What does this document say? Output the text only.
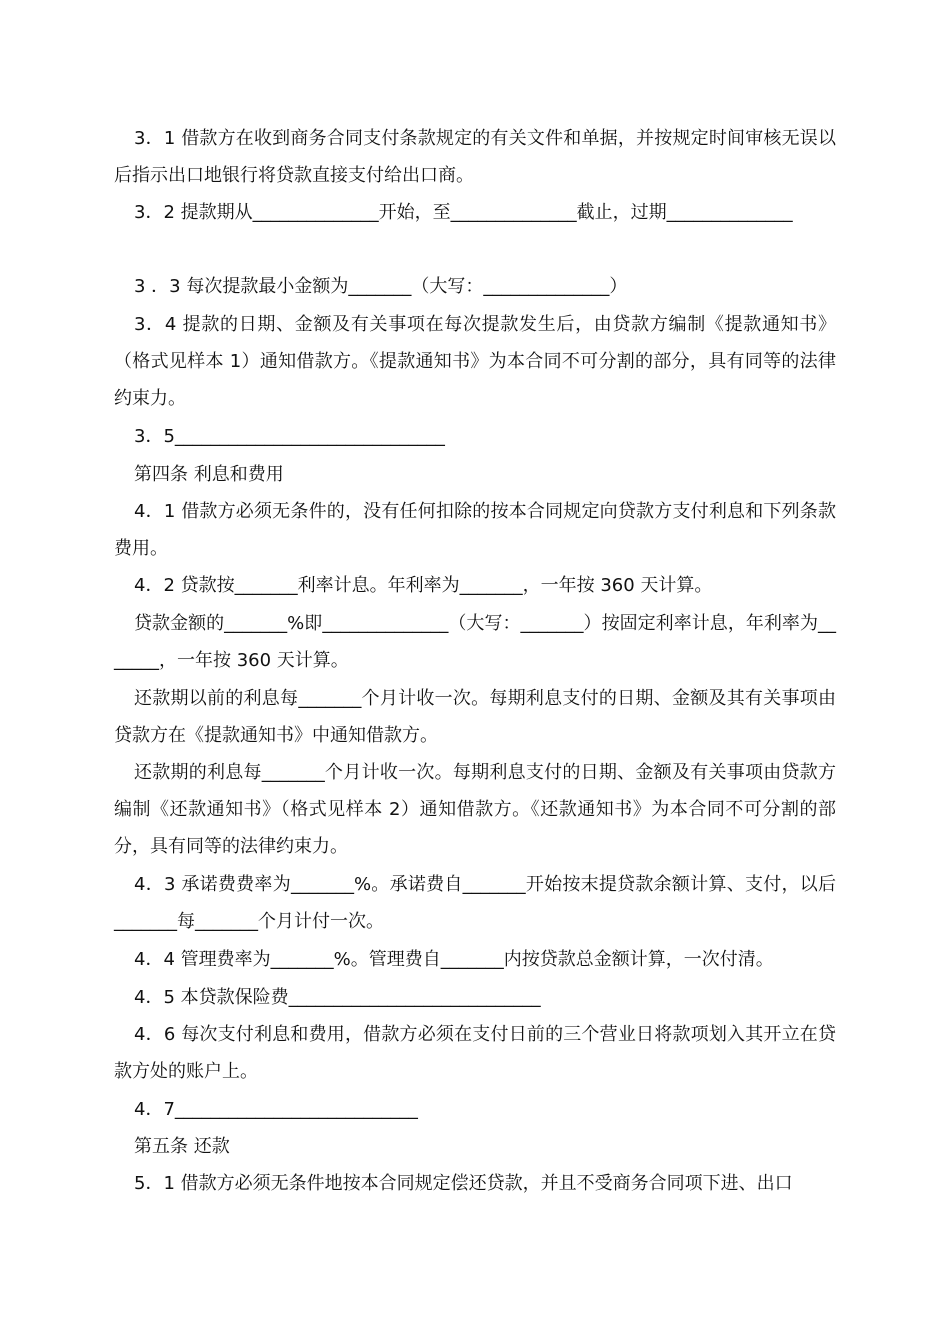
3．1 借款方在收到商务合同支付条款规定的有关文件和单据，并按规定时间审核无误以后指示出口地银行将贷款直接支付给出口商。

3．2 提款期从______________开始，至______________截止，过期______________

3 ．3 每次提款最小金额为_______（大写：______________）

3．4 提款的日期、金额及有关事项在每次提款发生后，由贷款方编制《提款通知书》（格式见样本 1）通知借款方。《提款通知书》为本合同不可分割的部分，具有同等的法律约束力。

3．5______________________________

第四条 利息和费用

4．1 借款方必须无条件的，没有任何扣除的按本合同规定向贷款方支付利息和下列条款费用。

4．2 贷款按_______利率计息。年利率为_______，一年按 360 天计算。

贷款金额的_______%即______________（大写：_______）按固定利率计息，年利率为_______，一年按 360 天计算。

还款期以前的利息每_______个月计收一次。每期利息支付的日期、金额及其有关事项由贷款方在《提款通知书》中通知借款方。

还款期的利息每_______个月计收一次。每期利息支付的日期、金额及有关事项由贷款方编制《还款通知书》（格式见样本 2）通知借款方。《还款通知书》为本合同不可分割的部分，具有同等的法律约束力。

4．3 承诺费费率为_______%。承诺费自_______开始按末提贷款余额计算、支付，以后_______每_______个月计付一次。

4．4 管理费率为_______%。管理费自_______内按贷款总金额计算，一次付清。

4．5 本贷款保险费____________________________

4．6 每次支付利息和费用，借款方必须在支付日前的三个营业日将款项划入其开立在贷款方处的账户上。

4．7___________________________

第五条 还款

5．1 借款方必须无条件地按本合同规定偿还贷款，并且不受商务合同项下进、出口
